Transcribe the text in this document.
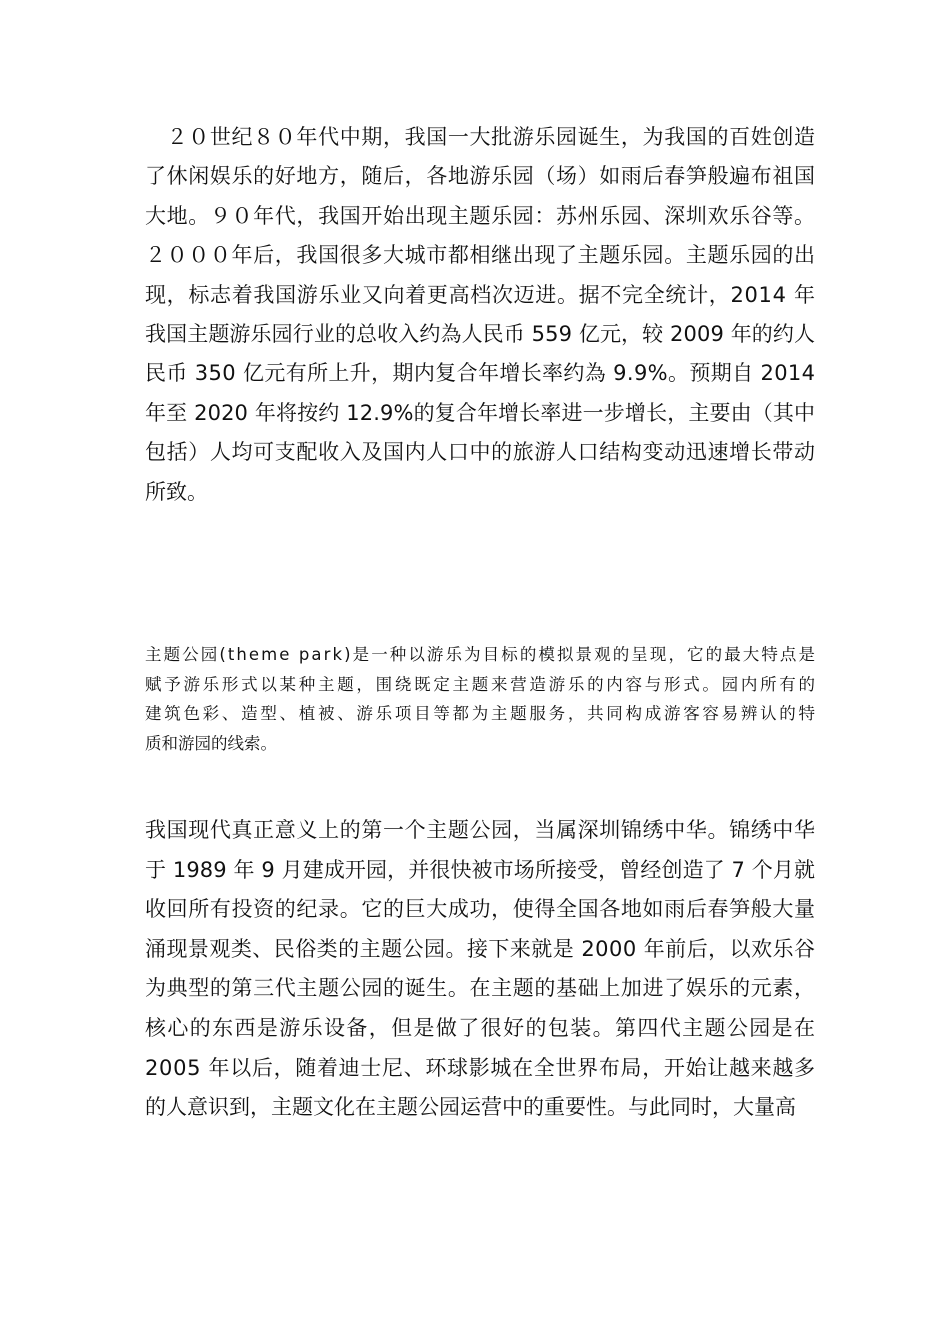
　２０世纪８０年代中期，我国一大批游乐园诞生，为我国的百姓创造
了休闲娱乐的好地方，随后，各地游乐园（场）如雨后春笋般遍布祖国
大地。９０年代，我国开始出现主题乐园：苏州乐园、深圳欢乐谷等。
２０００年后，我国很多大城市都相继出现了主题乐园。主题乐园的出
现，标志着我国游乐业又向着更高档次迈进。据不完全统计，2014 年
我国主题游乐园行业的总收入约為人民币 559 亿元，较 2009 年的约人
民币 350 亿元有所上升，期内复合年增长率约為 9.9%。预期自 2014
年至 2020 年将按约 12.9%的复合年增长率进一步增长，主要由（其中
包括）人均可支配收入及国内人口中的旅游人口结构变动迅速增长带动
所致。
主题公园(theme park)是一种以游乐为目标的模拟景观的呈现，它的最大特点是
赋予游乐形式以某种主题，围绕既定主题来营造游乐的内容与形式。园内所有的
建筑色彩、造型、植被、游乐项目等都为主题服务，共同构成游客容易辨认的特
质和游园的线索。
我国现代真正意义上的第一个主题公园，当属深圳锦绣中华。锦绣中华
于 1989 年 9 月建成开园，并很快被市场所接受，曾经创造了 7 个月就
收回所有投资的纪录。它的巨大成功，使得全国各地如雨后春笋般大量
涌现景观类、民俗类的主题公园。接下来就是 2000 年前后，以欢乐谷
为典型的第三代主题公园的诞生。在主题的基础上加进了娱乐的元素，
核心的东西是游乐设备，但是做了很好的包装。第四代主题公园是在
2005 年以后，随着迪士尼、环球影城在全世界布局，开始让越来越多
的人意识到，主题文化在主题公园运营中的重要性。与此同时，大量高
